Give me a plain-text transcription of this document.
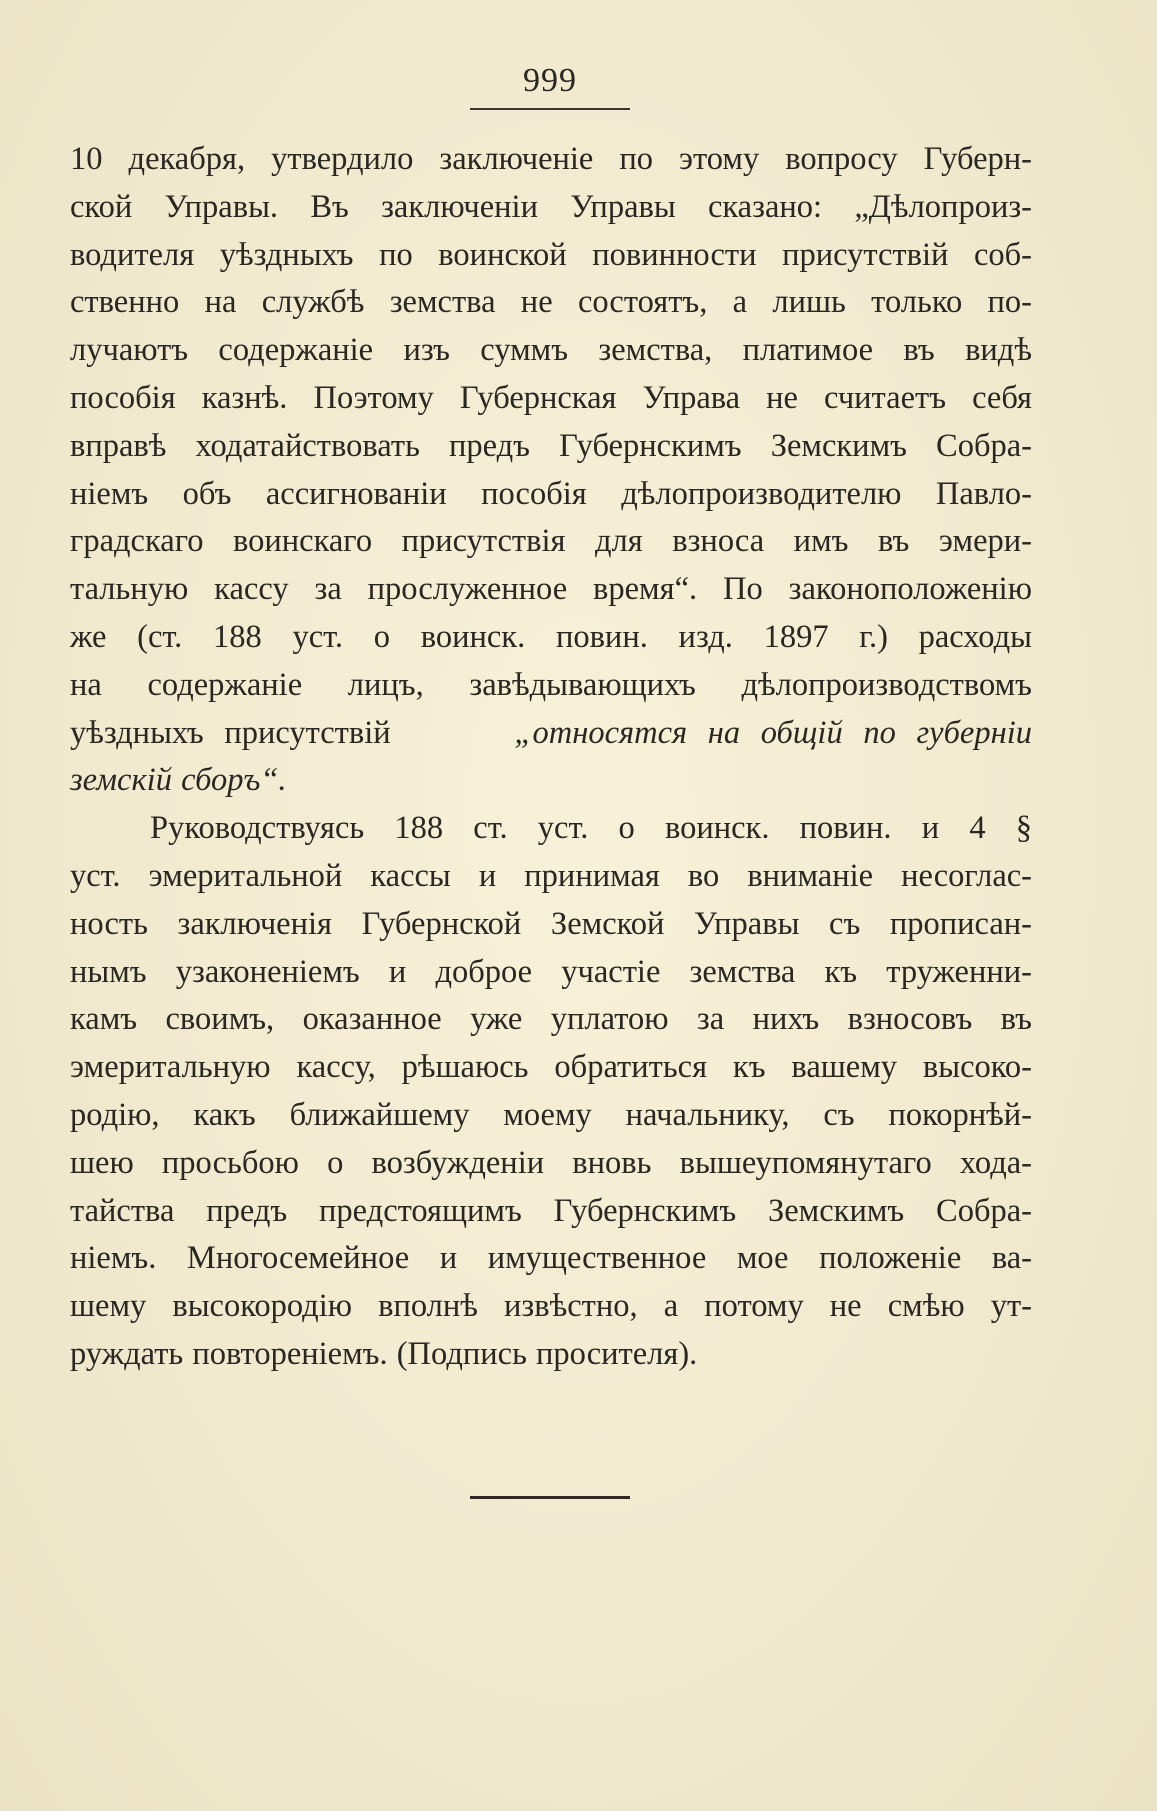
999
10 декабря, утвердило заключеніе по этому вопросу Губерн-
ской Управы. Въ заключеніи Управы сказано: „Дѣлопроиз-
водителя уѣздныхъ по воинской повинности присутствій соб-
ственно на службѣ земства не состоятъ, а лишь только по-
лучаютъ содержаніе изъ суммъ земства, платимое въ видѣ
пособія казнѣ. Поэтому Губернская Управа не считаетъ себя
вправѣ ходатайствовать предъ Губернскимъ Земскимъ Собра-
ніемъ объ ассигнованіи пособія дѣлопроизводителю Павло-
градскаго воинскаго присутствія для взноса имъ въ эмери-
тальную кассу за прослуженное время“. По законоположенію
же (ст. 188 уст. о воинск. повин. изд. 1897 г.) расходы
на содержаніе лицъ, завѣдывающихъ дѣлопроизводствомъ
уѣздныхъ присутствій	„относятся на общій по губерніи
земскій сборъ“.
Руководствуясь 188 ст. уст. о воинск. повин. и 4 §
уст. эмеритальной кассы и принимая во вниманіе несоглас-
ность заключенія Губернской Земской Управы съ прописан-
нымъ узаконеніемъ и доброе участіе земства къ труженни-
камъ своимъ, оказанное уже уплатою за нихъ взносовъ въ
эмеритальную кассу, рѣшаюсь обратиться къ вашему высоко-
родію, какъ ближайшему моему начальнику, съ покорнѣй-
шею просьбою о возбужденіи вновь вышеупомянутаго хода-
тайства предъ предстоящимъ Губернскимъ Земскимъ Собра-
ніемъ. Многосемейное и имущественное мое положеніе ва-
шему высокородію вполнѣ извѣстно, а потому не смѣю ут-
руждать повтореніемъ. (Подпись просителя).
